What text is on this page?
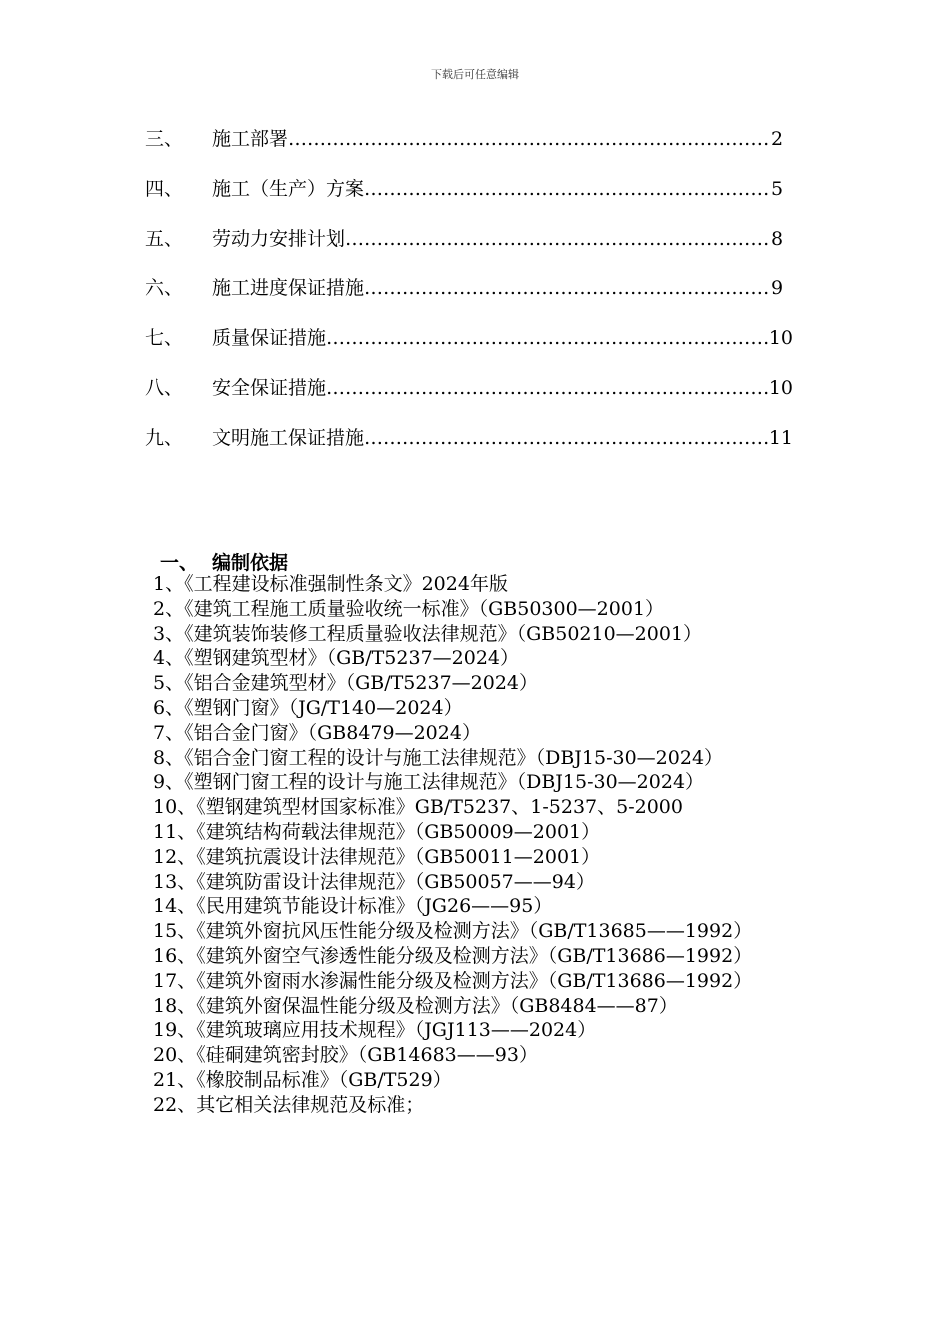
下载后可任意编辑
三、	施工部署 ……………………………………………………………………………………………………………………………………………………	2
四、	施工（生产）方案 ……………………………………………………………………………………………………………………………………………………	5
五、	劳动力安排计划 ……………………………………………………………………………………………………………………………………………………	8
六、	施工进度保证措施 ……………………………………………………………………………………………………………………………………………………	9
七、	质量保证措施 ……………………………………………………………………………………………………………………………………………………	10
八、	安全保证措施 ……………………………………………………………………………………………………………………………………………………	10
九、	文明施工保证措施 ……………………………………………………………………………………………………………………………………………………	11
一、 编制依据
1、《工程建设标准强制性条文》2024年版
2、《建筑工程施工质量验收统一标准》（GB50300—2001）
3、《建筑装饰装修工程质量验收法律规范》（GB50210—2001）
4、《塑钢建筑型材》（GB/T5237—2024）
5、《铝合金建筑型材》（GB/T5237—2024）
6、《塑钢门窗》（JG/T140—2024）
7、《铝合金门窗》（GB8479—2024）
8、《铝合金门窗工程的设计与施工法律规范》（DBJ15-30—2024）
9、《塑钢门窗工程的设计与施工法律规范》（DBJ15-30—2024）
10、《塑钢建筑型材国家标准》GB/T5237、1-5237、5-2000
11、《建筑结构荷载法律规范》（GB50009—2001）
12、《建筑抗震设计法律规范》（GB50011—2001）
13、《建筑防雷设计法律规范》（GB50057——94）
14、《民用建筑节能设计标准》（JG26——95）
15、《建筑外窗抗风压性能分级及检测方法》（GB/T13685——1992）
16、《建筑外窗空气渗透性能分级及检测方法》（GB/T13686—1992）
17、《建筑外窗雨水渗漏性能分级及检测方法》（GB/T13686—1992）
18、《建筑外窗保温性能分级及检测方法》（GB8484——87）
19、《建筑玻璃应用技术规程》（JGJ113——2024）
20、《硅硐建筑密封胶》（GB14683——93）
21、《橡胶制品标准》（GB/T529）
22、其它相关法律规范及标准；
